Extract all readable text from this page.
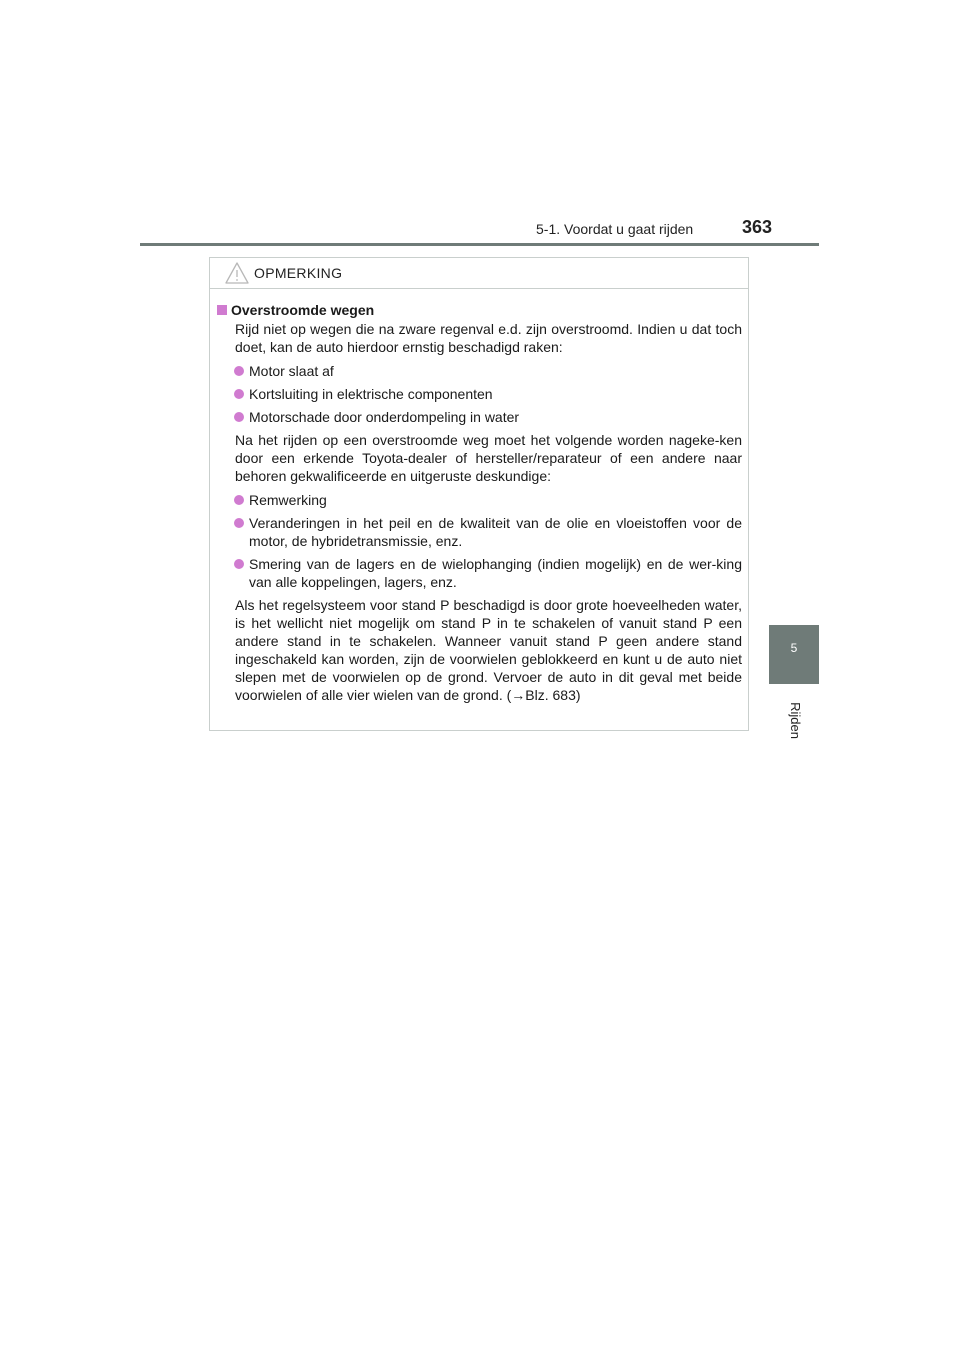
5-1. Voordat u gaat rijden	363
5
Rijden
OPMERKING
Overstroomde wegen

Rijd niet op wegen die na zware regenval e.d. zijn overstroomd. Indien u dat toch doet, kan de auto hierdoor ernstig beschadigd raken:

Motor slaat af
Kortsluiting in elektrische componenten
Motorschade door onderdompeling in water

Na het rijden op een overstroomde weg moet het volgende worden nageke-ken door een erkende Toyota-dealer of hersteller/reparateur of een andere naar behoren gekwalificeerde en uitgeruste deskundige:

Remwerking
Veranderingen in het peil en de kwaliteit van de olie en vloeistoffen voor de motor, de hybridetransmissie, enz.
Smering van de lagers en de wielophanging (indien mogelijk) en de wer-king van alle koppelingen, lagers, enz.

Als het regelsysteem voor stand P beschadigd is door grote hoeveelheden water, is het wellicht niet mogelijk om stand P in te schakelen of vanuit stand P een andere stand in te schakelen. Wanneer vanuit stand P geen andere stand ingeschakeld kan worden, zijn de voorwielen geblokkeerd en kunt u de auto niet slepen met de voorwielen op de grond. Vervoer de auto in dit geval met beide voorwielen of alle vier wielen van de grond. (→Blz. 683)
